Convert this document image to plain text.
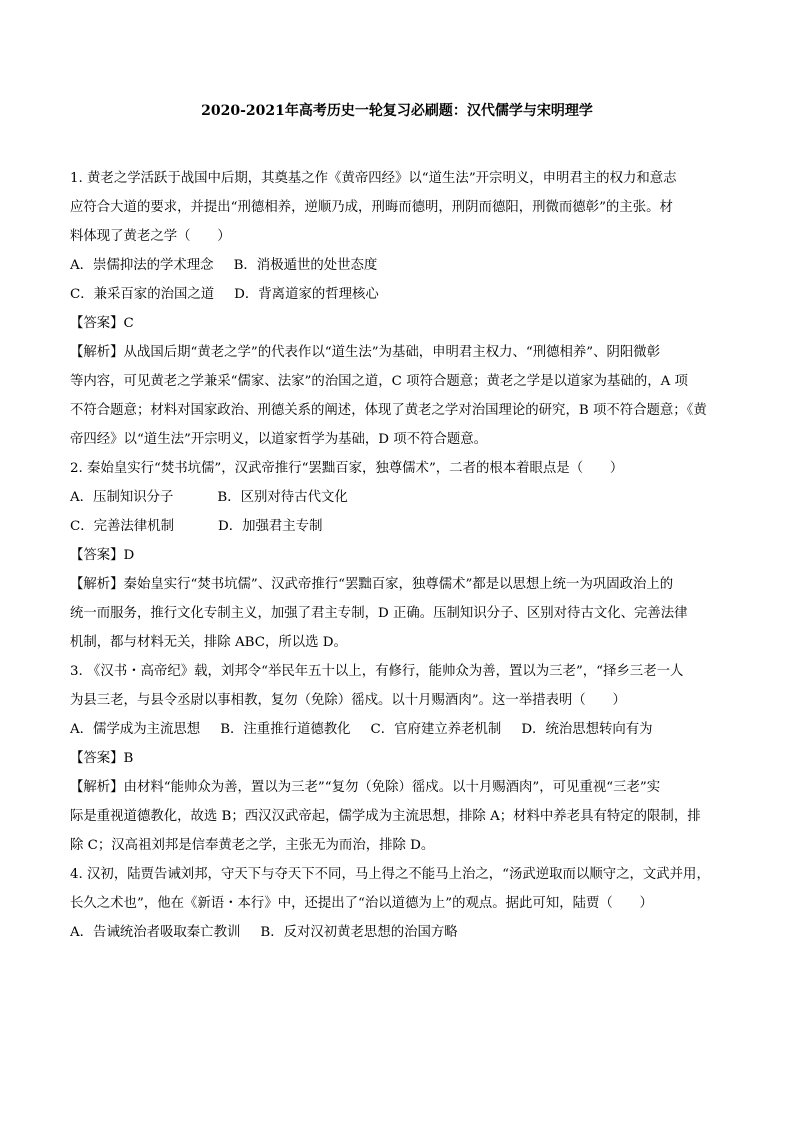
2020-2021年高考历史一轮复习必刷题：汉代儒学与宋明理学

1. 黄老之学活跃于战国中后期，其奠基之作《黄帝四经》以“道生法”开宗明义，申明君主的权力和意志

应符合大道的要求，并提出“刑德相养，逆顺乃成，刑晦而德明，刑阴而德阳，刑微而德彰”的主张。材

料体现了黄老之学（　　）

A．崇儒抑法的学术理念 B．消极遁世的处世态度
C．兼采百家的治国之道 D．背离道家的哲理核心

【答案】C

【解析】从战国后期“黄老之学”的代表作以“道生法”为基础，申明君主权力、“刑德相养”、阴阳微彰

等内容，可见黄老之学兼采“儒家、法家”的治国之道，C 项符合题意；黄老之学是以道家为基础的，A 项

不符合题意；材料对国家政治、刑德关系的阐述，体现了黄老之学对治国理论的研究，B 项不符合题意；《黄

帝四经》以“道生法”开宗明义，以道家哲学为基础，D 项不符合题意。

2. 秦始皇实行“焚书坑儒”，汉武帝推行“罢黜百家，独尊儒术”，二者的根本着眼点是（　　）

A．压制知识分子	B．区别对待古代文化
C．完善法律机制	D．加强君主专制

【答案】D

【解析】秦始皇实行“焚书坑儒”、汉武帝推行“罢黜百家，独尊儒术”都是以思想上统一为巩固政治上的

统一而服务，推行文化专制主义，加强了君主专制，D 正确。压制知识分子、区别对待古文化、完善法律

机制，都与材料无关，排除 ABC，所以选 D。

3. 《汉书・高帝纪》载，刘邦令“举民年五十以上，有修行，能帅众为善，置以为三老”，“择乡三老一人

为县三老，与县令丞尉以事相教，复勿（免除）徭戍。以十月赐酒肉”。这一举措表明（　　）

A．儒学成为主流思想 B．注重推行道德教化 C．官府建立养老机制 D．统治思想转向有为

【答案】B

【解析】由材料“能帅众为善，置以为三老”“复勿（免除）徭戍。以十月赐酒肉”，可见重视“三老”实

际是重视道德教化，故选 B；西汉汉武帝起，儒学成为主流思想，排除 A；材料中养老具有特定的限制，排

除 C；汉高祖刘邦是信奉黄老之学，主张无为而治，排除 D。

4. 汉初，陆贾告诫刘邦，守天下与夺天下不同，马上得之不能马上治之，“汤武逆取而以顺守之，文武并用，

长久之术也”，他在《新语・本行》中，还提出了“治以道德为上”的观点。据此可知，陆贾（　　）

A．告诫统治者吸取秦亡教训 B．反对汉初黄老思想的治国方略
